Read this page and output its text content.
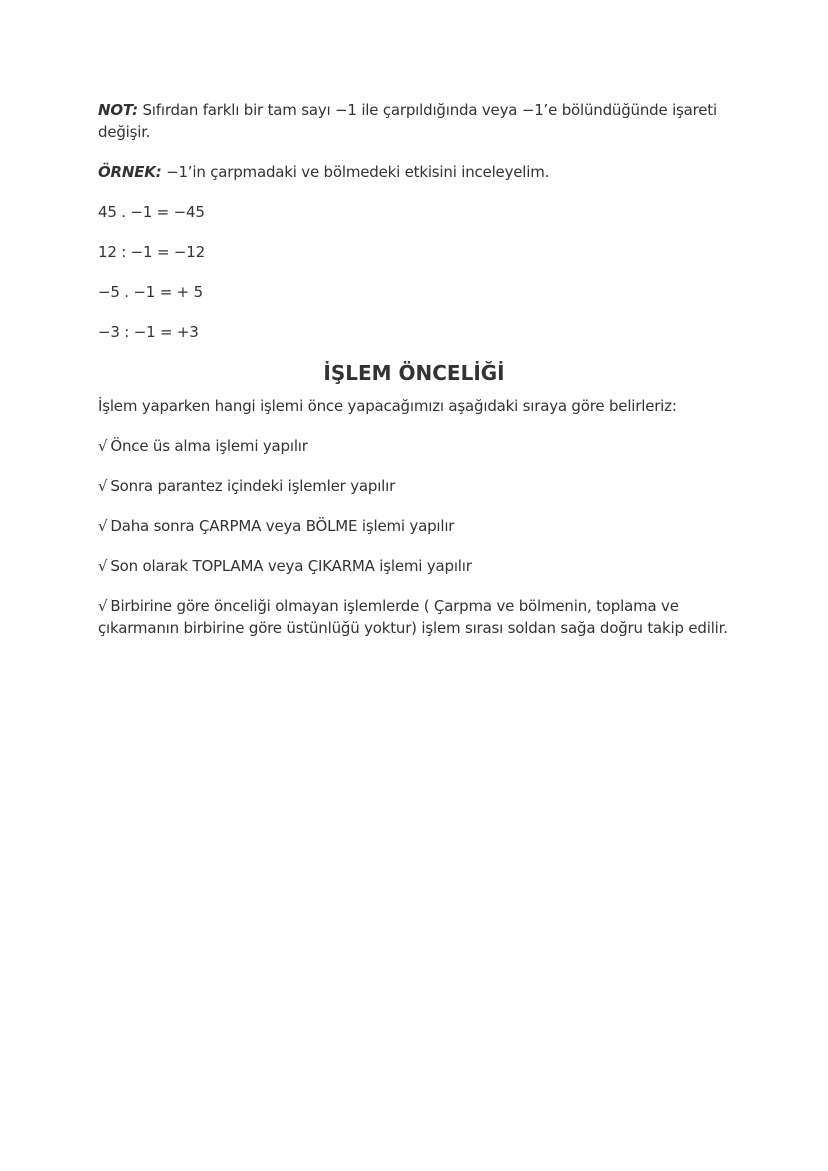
NOT: Sıfırdan farklı bir tam sayı −1 ile çarpıldığında veya −1’e bölündüğünde işareti değişir.

ÖRNEK: −1’in çarpmadaki ve bölmedeki etkisini inceleyelim.

45 . −1 = −45

12 : −1 = −12

−5 . −1 = + 5

−3 : −1 = +3

İŞLEM ÖNCELİĞİ

İşlem yaparken hangi işlemi önce yapacağımızı aşağıdaki sıraya göre belirleriz:

√ Önce üs alma işlemi yapılır

√ Sonra parantez içindeki işlemler yapılır

√ Daha sonra ÇARPMA veya BÖLME işlemi yapılır

√ Son olarak TOPLAMA veya ÇIKARMA işlemi yapılır

√ Birbirine göre önceliği olmayan işlemlerde ( Çarpma ve bölmenin, toplama ve çıkarmanın birbirine göre üstünlüğü yoktur) işlem sırası soldan sağa doğru takip edilir.
